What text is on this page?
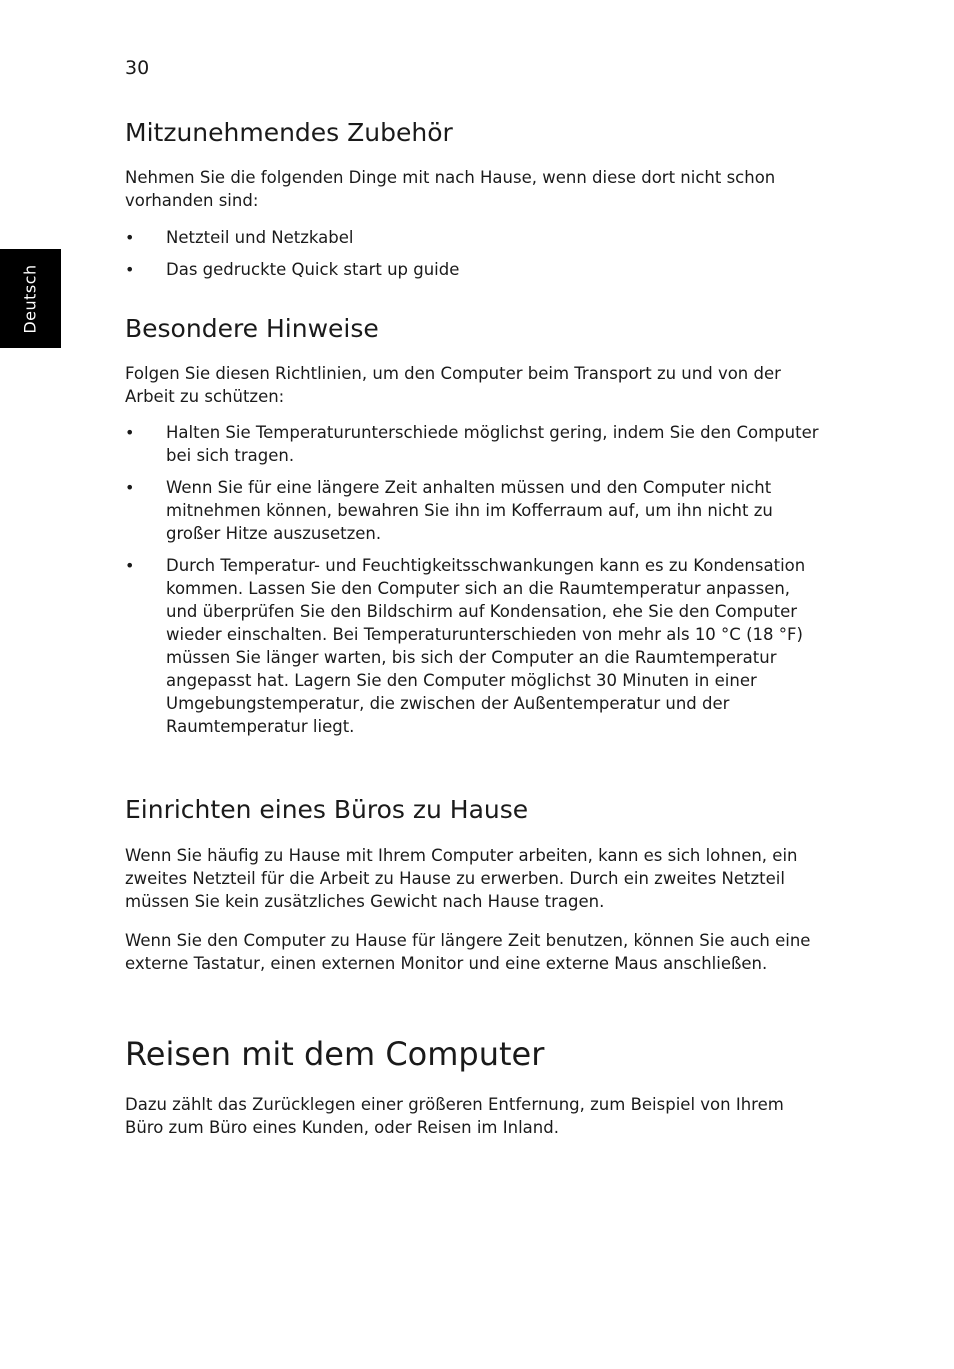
30
Deutsch
Mitzunehmendes Zubehör

Nehmen Sie die folgenden Dinge mit nach Hause, wenn diese dort nicht schon vorhanden sind:

• Netzteil und Netzkabel
• Das gedruckte Quick start up guide
Besondere Hinweise

Folgen Sie diesen Richtlinien, um den Computer beim Transport zu und von der Arbeit zu schützen:

• Halten Sie Temperaturunterschiede möglichst gering, indem Sie den Computer bei sich tragen.
• Wenn Sie für eine längere Zeit anhalten müssen und den Computer nicht mitnehmen können, bewahren Sie ihn im Kofferraum auf, um ihn nicht zu großer Hitze auszusetzen.
• Durch Temperatur- und Feuchtigkeitsschwankungen kann es zu Kondensation kommen. Lassen Sie den Computer sich an die Raumtemperatur anpassen, und überprüfen Sie den Bildschirm auf Kondensation, ehe Sie den Computer wieder einschalten. Bei Temperaturunterschieden von mehr als 10 °C (18 °F) müssen Sie länger warten, bis sich der Computer an die Raumtemperatur angepasst hat. Lagern Sie den Computer möglichst 30 Minuten in einer Umgebungstemperatur, die zwischen der Außentemperatur und der Raumtemperatur liegt.
Einrichten eines Büros zu Hause

Wenn Sie häufig zu Hause mit Ihrem Computer arbeiten, kann es sich lohnen, ein zweites Netzteil für die Arbeit zu Hause zu erwerben. Durch ein zweites Netzteil müssen Sie kein zusätzliches Gewicht nach Hause tragen.

Wenn Sie den Computer zu Hause für längere Zeit benutzen, können Sie auch eine externe Tastatur, einen externen Monitor und eine externe Maus anschließen.

Reisen mit dem Computer

Dazu zählt das Zurücklegen einer größeren Entfernung, zum Beispiel von Ihrem Büro zum Büro eines Kunden, oder Reisen im Inland.
